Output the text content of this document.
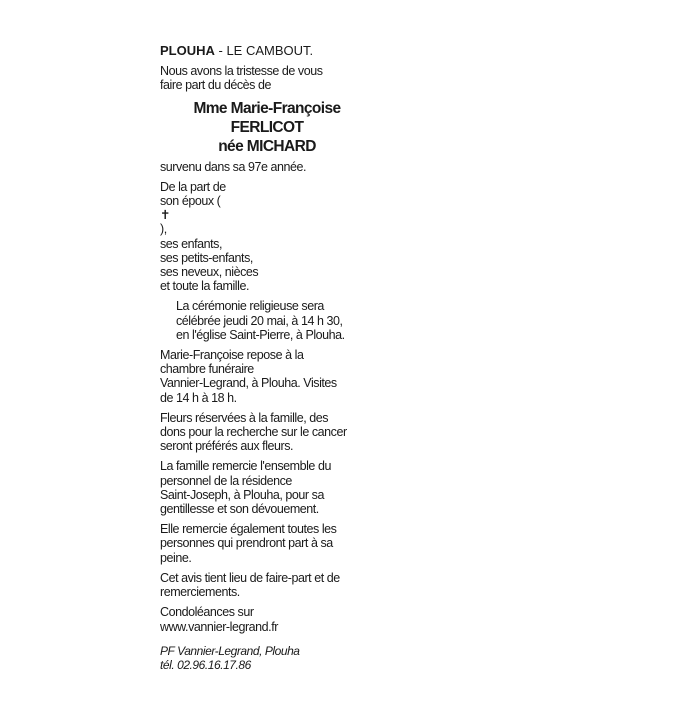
PLOUHA - LE CAMBOUT.

Nous avons la tristesse de vous
faire part du décès de

Mme Marie-Françoise
FERLICOT
née MICHARD

survenu dans sa 97e année.

De la part de
son époux (
✝
),
ses enfants,
ses petits-enfants,
ses neveux, nièces
et toute la famille.

La cérémonie religieuse sera
célébrée jeudi 20 mai, à 14 h 30,
en l'église Saint-Pierre, à Plouha.

Marie-Françoise repose à la
chambre funéraire
Vannier-Legrand, à Plouha. Visites
de 14 h à 18 h.

Fleurs réservées à la famille, des
dons pour la recherche sur le cancer
seront préférés aux fleurs.

La famille remercie l'ensemble du
personnel de la résidence
Saint-Joseph, à Plouha, pour sa
gentillesse et son dévouement.

Elle remercie également toutes les
personnes qui prendront part à sa
peine.

Cet avis tient lieu de faire-part et de
remerciements.

Condoléances sur
www.vannier-legrand.fr

PF Vannier-Legrand, Plouha
tél. 02.96.16.17.86
